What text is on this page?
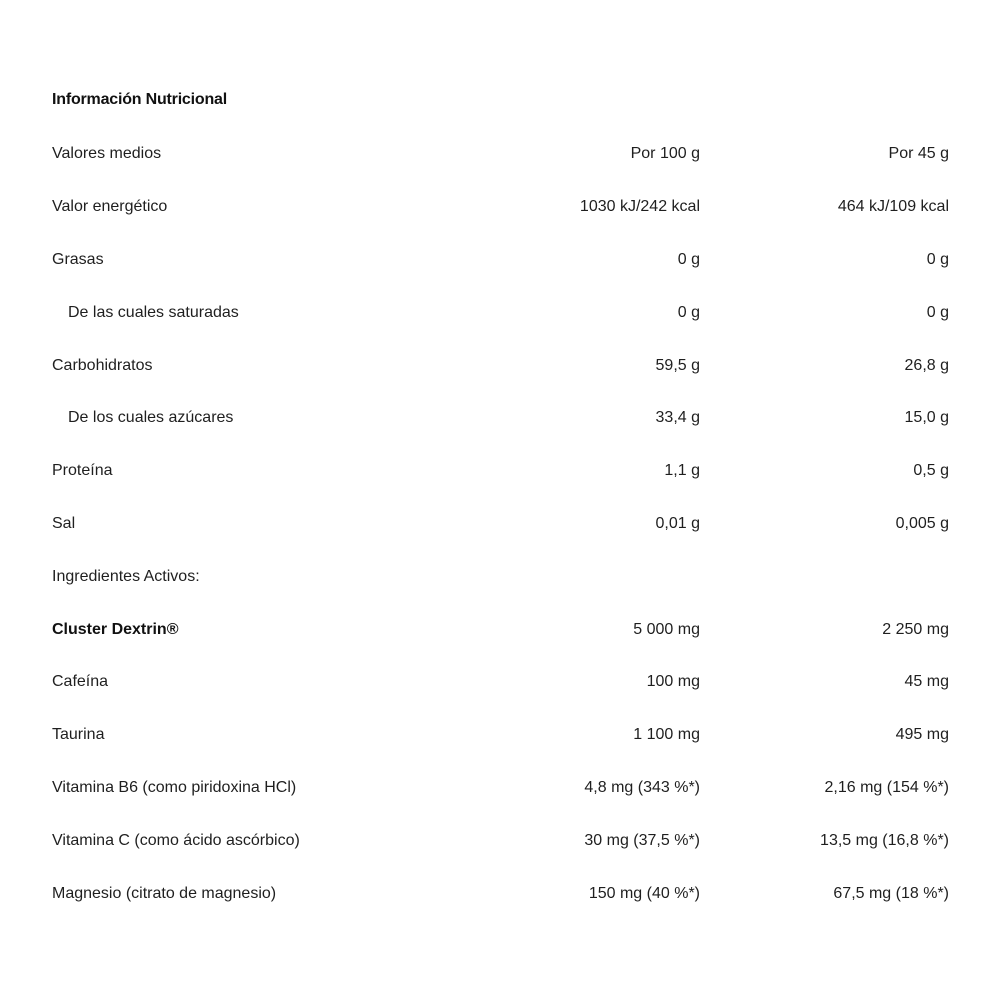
Información Nutricional
Valores medios	Por 100 g	Por 45 g
Valor energético	1030 kJ/242 kcal	464 kJ/109 kcal
Grasas	0 g	0 g
De las cuales saturadas	0 g	0 g
Carbohidratos	59,5 g	26,8 g
De los cuales azúcares	33,4 g	15,0 g
Proteína	1,1 g	0,5 g
Sal	0,01 g	0,005 g
Ingredientes Activos:
Cluster Dextrin®	5 000 mg	2 250 mg
Cafeína	100 mg	45 mg
Taurina	1 100 mg	495 mg
Vitamina B6 (como piridoxina HCl)	4,8 mg (343 %*)	2,16 mg (154 %*)
Vitamina C (como ácido ascórbico)	30 mg (37,5 %*)	13,5 mg (16,8 %*)
Magnesio (citrato de magnesio)	150 mg (40 %*)	67,5 mg (18 %*)
